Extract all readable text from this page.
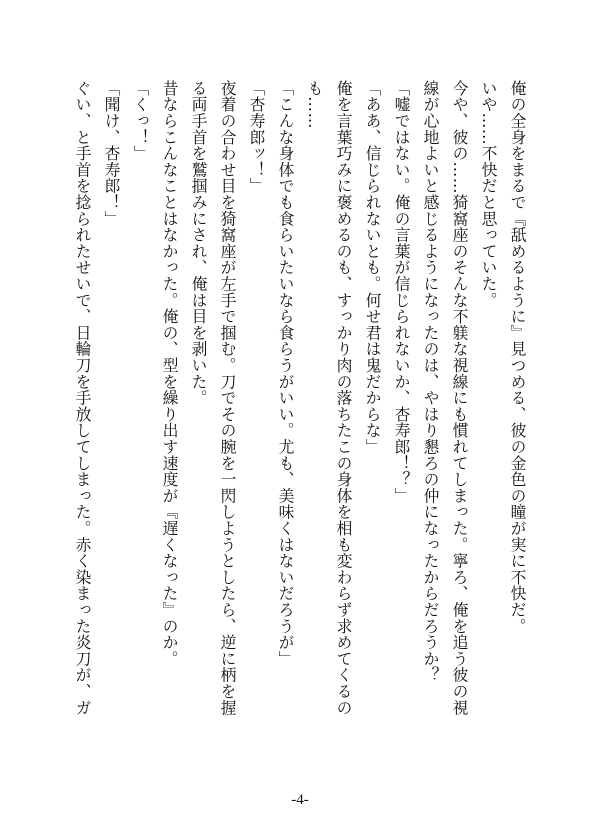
俺の全身をまるで『舐めるように』見つめる、彼の金色の瞳が実に不快だ。

いや……不快だと思っていた。

今や、彼の……猗窩座のそんな不躾な視線にも慣れてしまった。寧ろ、俺を追う彼の視

線が心地よいと感じるようになったのは、やはり懇ろの仲になったからだろうか？

「嘘ではない。俺の言葉が信じられないか、杏寿郎！？」

「ああ、信じられないとも。何せ君は鬼だからな」

俺を言葉巧みに褒めるのも、すっかり肉の落ちたこの身体を相も変わらず求めてくるの

も……

「こんな身体でも食らいたいなら食らうがいい。尤も、美味くはないだろうが」

「杏寿郎ッ！」

夜着の合わせ目を猗窩座が左手で掴む。刀でその腕を一閃しようとしたら、逆に柄を握

る両手首を鷲掴みにされ、俺は目を剥いた。

昔ならこんなことはなかった。俺の、型を繰り出す速度が『遅くなった』のか。

「くっ！」

「聞け、杏寿郎！」

ぐい、と手首を捻られたせいで、日輪刀を手放してしまった。赤く染まった炎刀が、ガ

-4-
